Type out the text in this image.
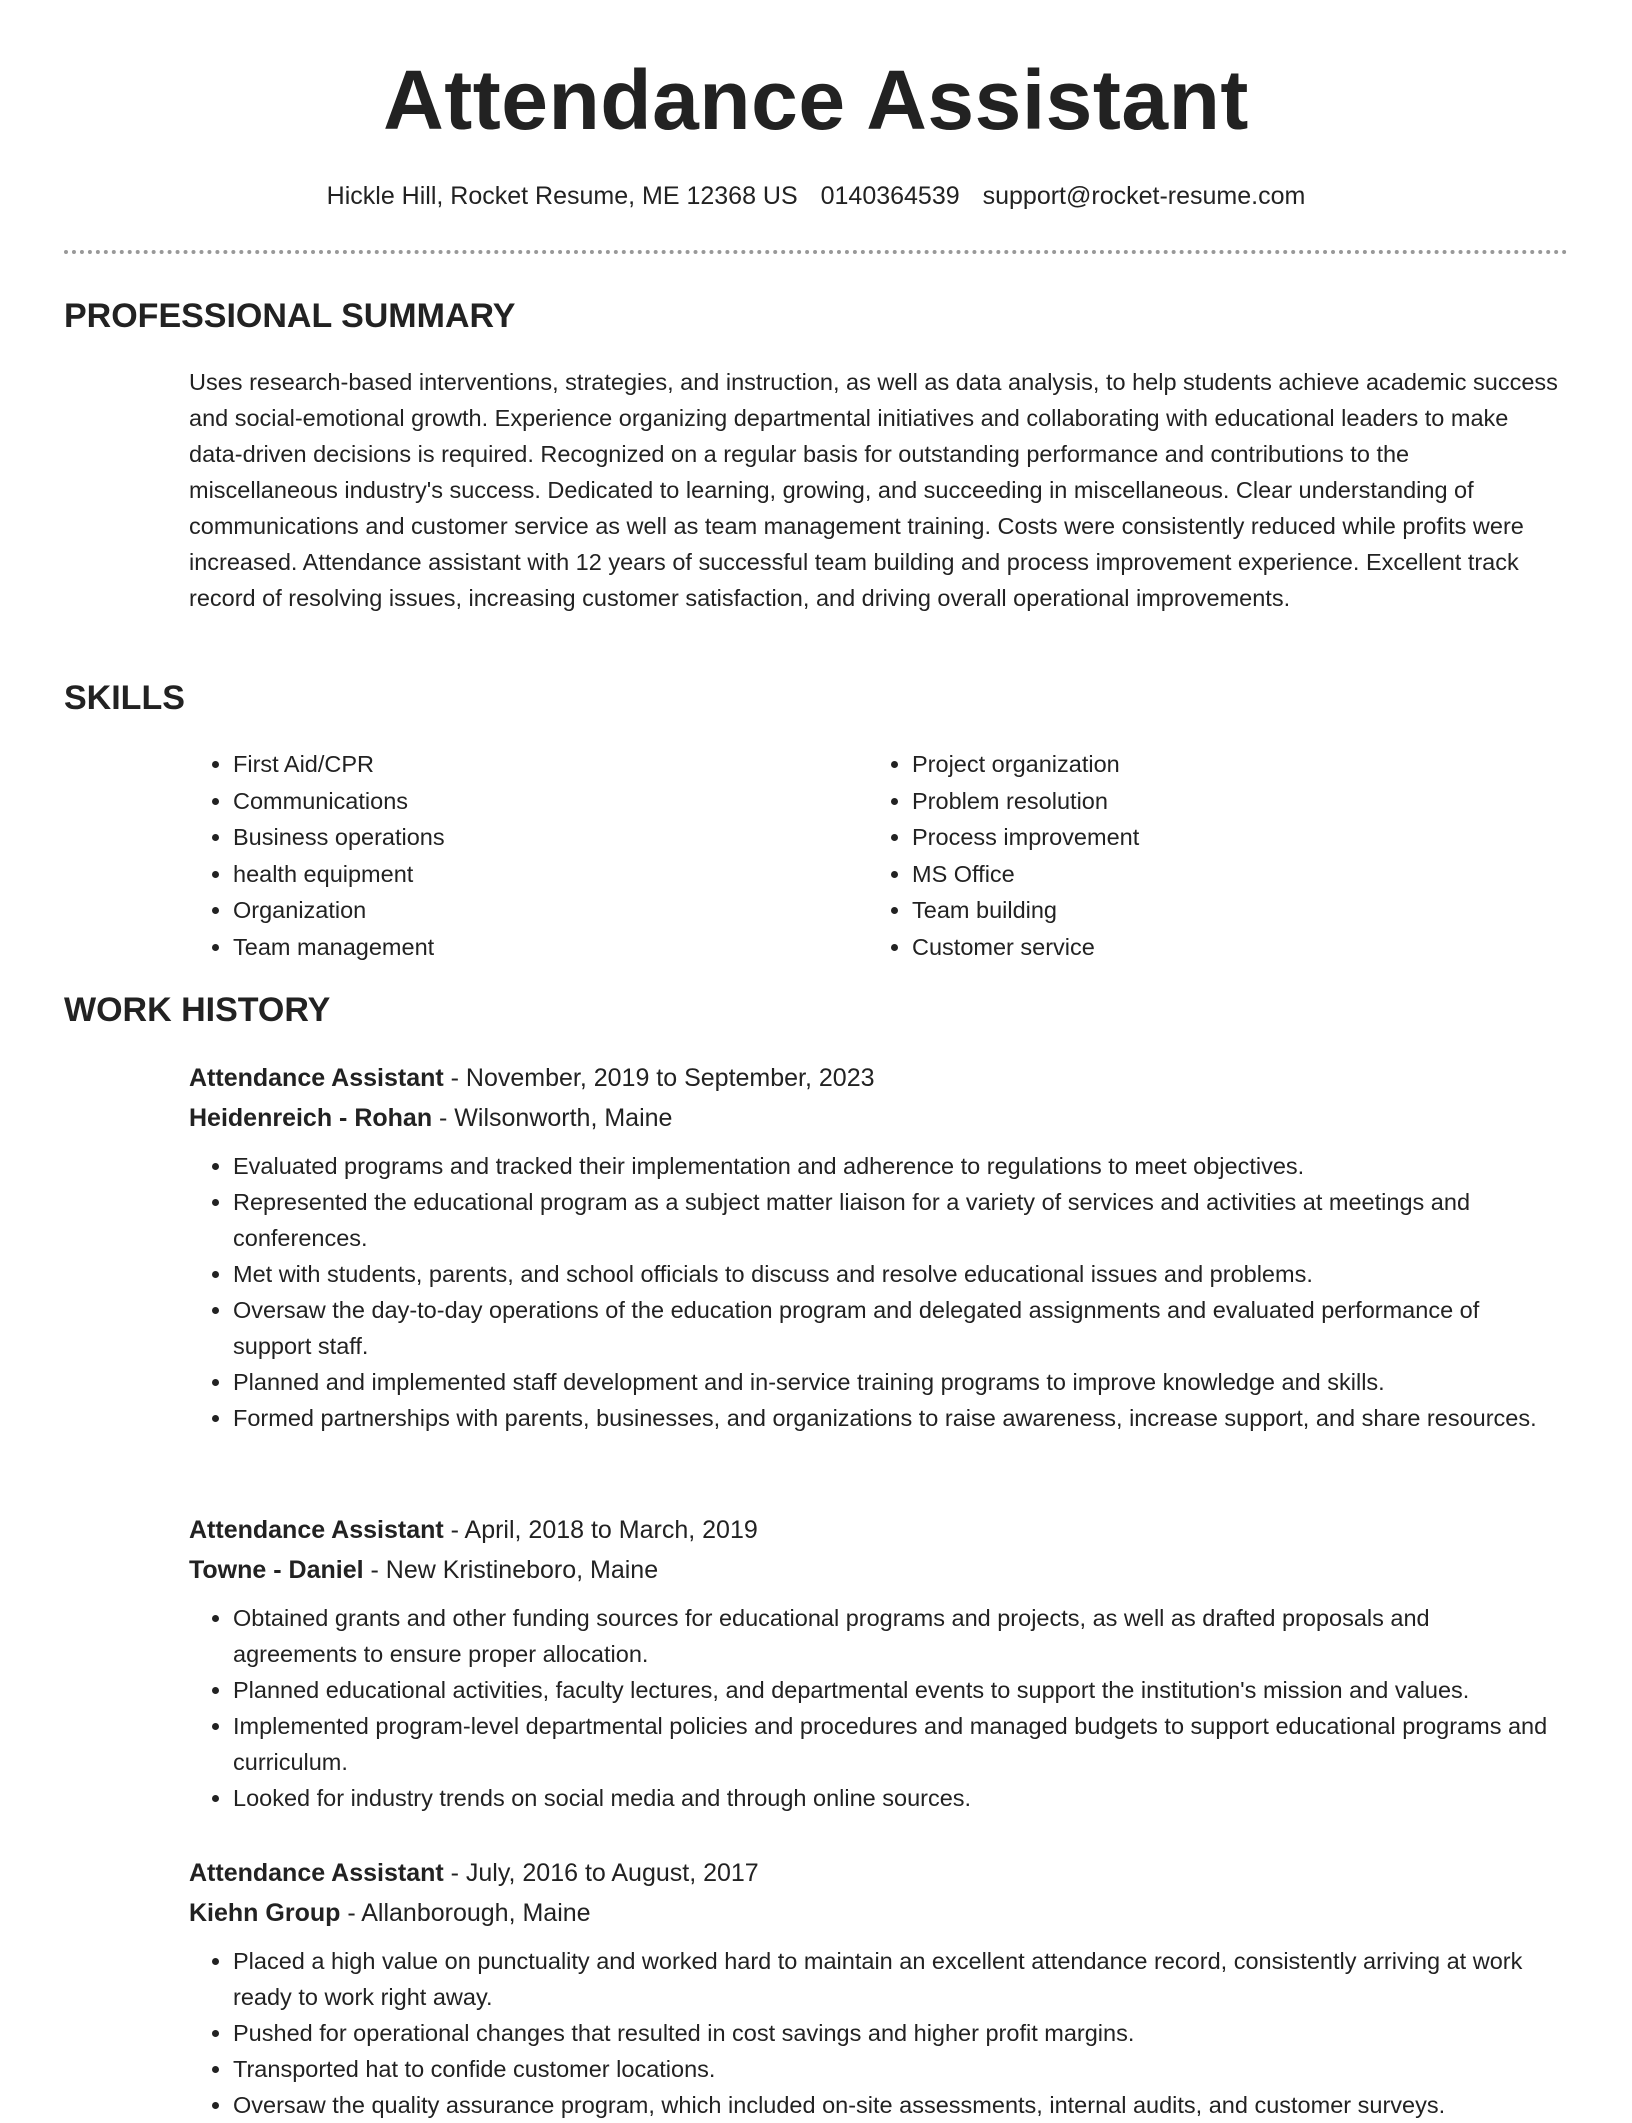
Attendance Assistant
Hickle Hill, Rocket Resume, ME 12368 US 0140364539 support@rocket-resume.com
PROFESSIONAL SUMMARY

Uses research-based interventions, strategies, and instruction, as well as data analysis, to help students achieve academic success and social-emotional growth. Experience organizing departmental initiatives and collaborating with educational leaders to make data-driven decisions is required. Recognized on a regular basis for outstanding performance and contributions to the miscellaneous industry's success. Dedicated to learning, growing, and succeeding in miscellaneous. Clear understanding of communications and customer service as well as team management training. Costs were consistently reduced while profits were increased. Attendance assistant with 12 years of successful team building and process improvement experience. Excellent track record of resolving issues, increasing customer satisfaction, and driving overall operational improvements.

SKILLS
• First Aid/CPR
• Communications
• Business operations
• health equipment
• Organization
• Team management
• Project organization
• Problem resolution
• Process improvement
• MS Office
• Team building
• Customer service
WORK HISTORY

Attendance Assistant - November, 2019 to September, 2023

Heidenreich - Rohan - Wilsonworth, Maine

• Evaluated programs and tracked their implementation and adherence to regulations to meet objectives.
• Represented the educational program as a subject matter liaison for a variety of services and activities at meetings and conferences.
• Met with students, parents, and school officials to discuss and resolve educational issues and problems.
• Oversaw the day-to-day operations of the education program and delegated assignments and evaluated performance of support staff.
• Planned and implemented staff development and in-service training programs to improve knowledge and skills.
• Formed partnerships with parents, businesses, and organizations to raise awareness, increase support, and share resources.

Attendance Assistant - April, 2018 to March, 2019

Towne - Daniel - New Kristineboro, Maine

• Obtained grants and other funding sources for educational programs and projects, as well as drafted proposals and agreements to ensure proper allocation.
• Planned educational activities, faculty lectures, and departmental events to support the institution's mission and values.
• Implemented program-level departmental policies and procedures and managed budgets to support educational programs and curriculum.
• Looked for industry trends on social media and through online sources.

Attendance Assistant - July, 2016 to August, 2017

Kiehn Group - Allanborough, Maine

• Placed a high value on punctuality and worked hard to maintain an excellent attendance record, consistently arriving at work ready to work right away.
• Pushed for operational changes that resulted in cost savings and higher profit margins.
• Transported hat to confide customer locations.
• Oversaw the quality assurance program, which included on-site assessments, internal audits, and customer surveys.
